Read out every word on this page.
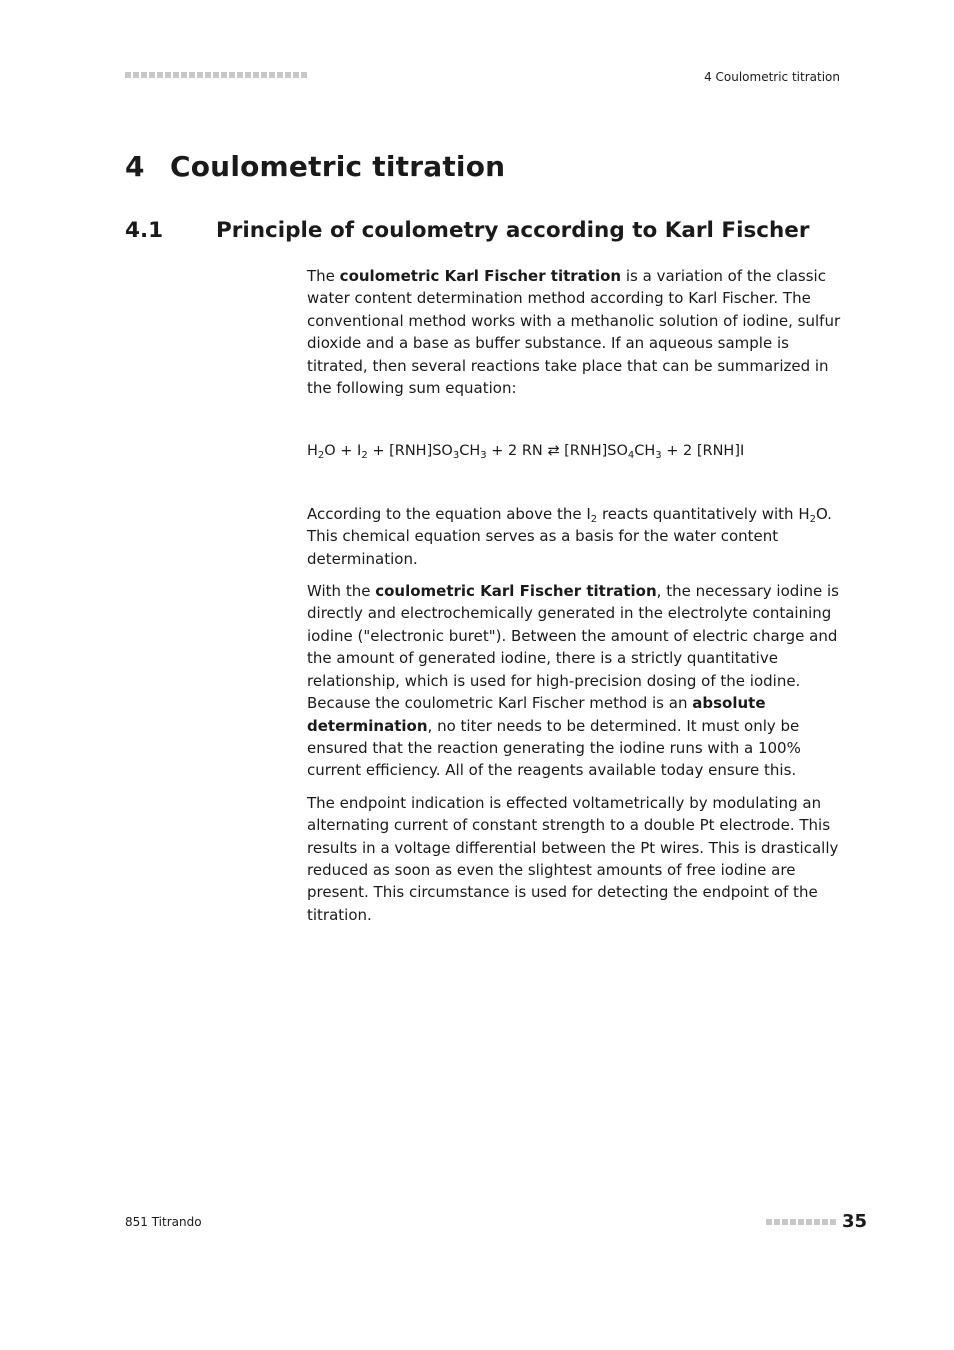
4 Coulometric titration
4 Coulometric titration
4.1 Principle of coulometry according to Karl Fischer

The coulometric Karl Fischer titration is a variation of the classic water content determination method according to Karl Fischer. The conventional method works with a methanolic solution of iodine, sulfur dioxide and a base as buffer substance. If an aqueous sample is titrated, then several reactions take place that can be summarized in the following sum equation:

$H_2O + I_2 + [RNH]SO_3CH_3 + 2$ RN ⇄ $[RNH]SO_4CH_3 + 2$ [RNH]I

According to the equation above the $I_2$ reacts quantitatively with $H_2O$. This chemical equation serves as a basis for the water content determination.

With the coulometric Karl Fischer titration, the necessary iodine is directly and electrochemically generated in the electrolyte containing iodine ("electronic buret"). Between the amount of electric charge and the amount of generated iodine, there is a strictly quantitative relationship, which is used for high-precision dosing of the iodine. Because the coulometric Karl Fischer method is an absolute determination, no titer needs to be determined. It must only be ensured that the reaction generating the iodine runs with a 100% current efficiency. All of the reagents available today ensure this.

The endpoint indication is effected voltametrically by modulating an alternating current of constant strength to a double Pt electrode. This results in a voltage differential between the Pt wires. This is drastically reduced as soon as even the slightest amounts of free iodine are present. This circumstance is used for detecting the endpoint of the titration.

851 Titrando	35
